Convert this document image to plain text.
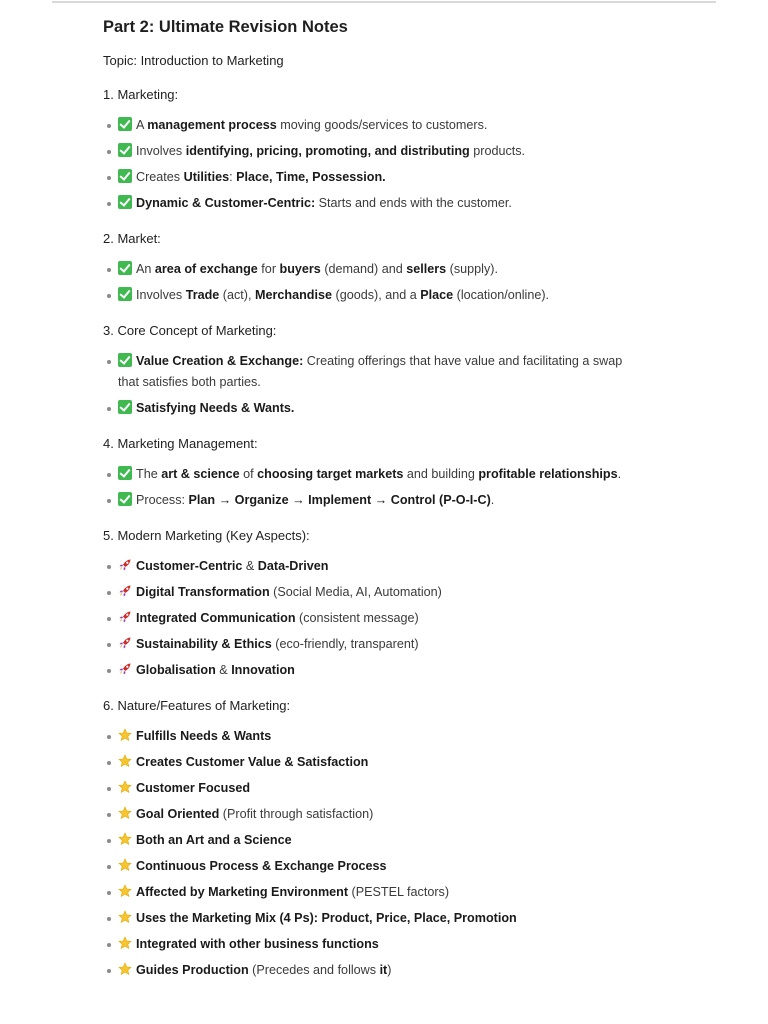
Part 2: Ultimate Revision Notes
Topic: Introduction to Marketing
1. Marketing:
A management process moving goods/services to customers.
Involves identifying, pricing, promoting, and distributing products.
Creates Utilities: Place, Time, Possession.
Dynamic & Customer-Centric: Starts and ends with the customer.
2. Market:
An area of exchange for buyers (demand) and sellers (supply).
Involves Trade (act), Merchandise (goods), and a Place (location/online).
3. Core Concept of Marketing:
Value Creation & Exchange: Creating offerings that have value and facilitating a swap that satisfies both parties.
Satisfying Needs & Wants.
4. Marketing Management:
The art & science of choosing target markets and building profitable relationships.
Process: Plan → Organize → Implement → Control (P-O-I-C).
5. Modern Marketing (Key Aspects):
Customer-Centric & Data-Driven
Digital Transformation (Social Media, AI, Automation)
Integrated Communication (consistent message)
Sustainability & Ethics (eco-friendly, transparent)
Globalisation & Innovation
6. Nature/Features of Marketing:
Fulfills Needs & Wants
Creates Customer Value & Satisfaction
Customer Focused
Goal Oriented (Profit through satisfaction)
Both an Art and a Science
Continuous Process & Exchange Process
Affected by Marketing Environment (PESTEL factors)
Uses the Marketing Mix (4 Ps): Product, Price, Place, Promotion
Integrated with other business functions
Guides Production (Precedes and follows it)
